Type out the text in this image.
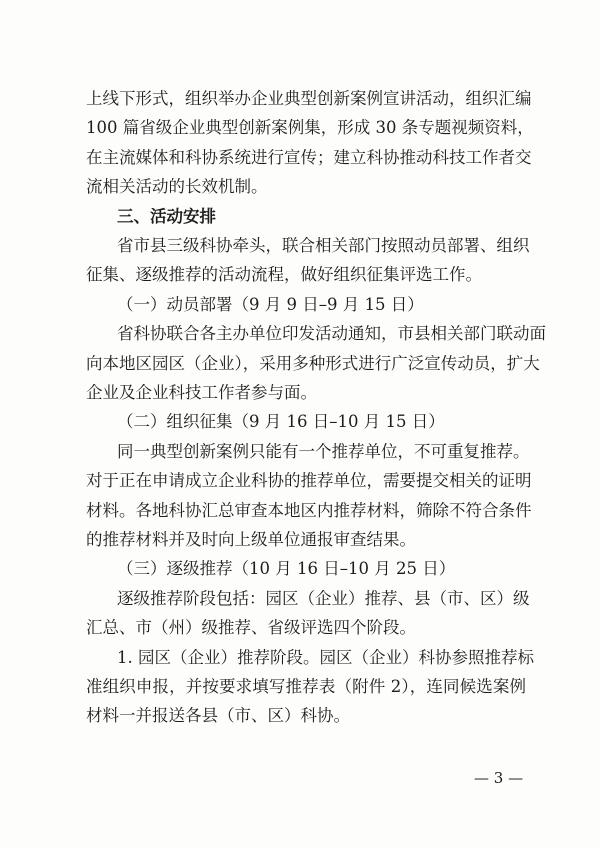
上线下形式，组织举办企业典型创新案例宣讲活动，组织汇编
100 篇省级企业典型创新案例集，形成 30 条专题视频资料，
在主流媒体和科协系统进行宣传；建立科协推动科技工作者交
流相关活动的长效机制。
三、活动安排
省市县三级科协牵头，联合相关部门按照动员部署、组织
征集、逐级推荐的活动流程，做好组织征集评选工作。
（一）动员部署（9 月 9 日–9 月 15 日）
省科协联合各主办单位印发活动通知，市县相关部门联动面
向本地区园区（企业），采用多种形式进行广泛宣传动员，扩大
企业及企业科技工作者参与面。
（二）组织征集（9 月 16 日–10 月 15 日）
同一典型创新案例只能有一个推荐单位，不可重复推荐。
对于正在申请成立企业科协的推荐单位，需要提交相关的证明
材料。各地科协汇总审查本地区内推荐材料，筛除不符合条件
的推荐材料并及时向上级单位通报审查结果。
（三）逐级推荐（10 月 16 日–10 月 25 日）
逐级推荐阶段包括：园区（企业）推荐、县（市、区）级
汇总、市（州）级推荐、省级评选四个阶段。
1. 园区（企业）推荐阶段。园区（企业）科协参照推荐标
准组织申报，并按要求填写推荐表（附件 2），连同候选案例
材料一并报送各县（市、区）科协。
— 3 —
